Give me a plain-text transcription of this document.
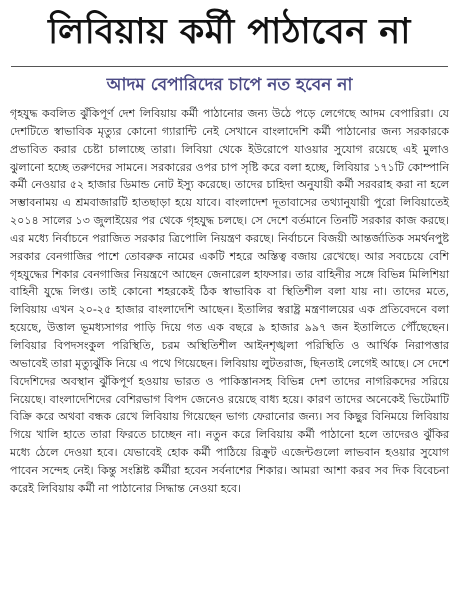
লিবিয়ায় কর্মী পাঠাবেন না
আদম বেপারিদের চাপে নত হবেন না

গৃহযুদ্ধ কবলিত ঝুঁকিপূর্ণ দেশ লিবিয়ায় কর্মী পাঠানোর জন্য উঠে পড়ে লেগেছে আদম বেপারিরা। যে দেশটিতে স্বাভাবিক মৃত্যুর কোনো গ্যারান্টি নেই সেখানে বাংলাদেশি কর্মী পাঠানোর জন্য সরকারকে প্রভাবিত করার চেষ্টা চালাচ্ছে তারা। লিবিয়া থেকে ইউরোপে যাওয়ার সুযোগ রয়েছে এই মুলাও ঝুলানো হচ্ছে তরুণদের সামনে। সরকারের ওপর চাপ সৃষ্টি করে বলা হচ্ছে, লিবিয়ার ১৭১টি কোম্পানি কর্মী নেওয়ার ৫২ হাজার ডিমান্ড নোট ইস্যু করেছে। তাদের চাহিদা অনুযায়ী কর্মী সরবরাহ করা না হলে সম্ভাবনাময় এ শ্রমবাজারটি হাতছাড়া হয়ে যাবে। বাংলাদেশ দূতাবাসের তথ্যানুযায়ী পুরো লিবিয়াতেই ২০১৪ সালের ১৩ জুলাইয়ের পর থেকে গৃহযুদ্ধ চলছে। সে দেশে বর্তমানে তিনটি সরকার কাজ করছে। এর মধ্যে নির্বাচনে পরাজিত সরকার ত্রিপোলি নিয়ন্ত্রণ করছে। নির্বাচনে বিজয়ী আন্তর্জাতিক সমর্থনপুষ্ট সরকার বেনগাজির পাশে তোবরুক নামের একটি শহরে অস্তিত্ব বজায় রেখেছে। আর সবচেয়ে বেশি গৃহযুদ্ধের শিকার বেনগাজির নিয়ন্ত্রণে আছেন জেনারেল হাফসার। তার বাহিনীর সঙ্গে বিভিন্ন মিলিশিয়া বাহিনী যুদ্ধে লিপ্ত। তাই কোনো শহরকেই ঠিক স্বাভাবিক বা স্থিতিশীল বলা যায় না। তাদের মতে, লিবিয়ায় এখন ২০-২৫ হাজার বাংলাদেশি আছেন। ইতালির স্বরাষ্ট্র মন্ত্রণালয়ের এক প্রতিবেদনে বলা হয়েছে, উত্তাল ভূমধ্যসাগর পাড়ি দিয়ে গত এক বছরে ৯ হাজার ৯৯৭ জন ইতালিতে পৌঁছেছেন। লিবিয়ার বিপদসংকুল পরিস্থিতি, চরম অস্থিতিশীল আইনশৃঙ্খলা পরিস্থিতি ও আর্থিক নিরাপত্তার অভাবেই তারা মৃত্যুঝুঁকি নিয়ে এ পথে গিয়েছেন। লিবিয়ায় লুটতরাজ, ছিনতাই লেগেই আছে। সে দেশে বিদেশিদের অবস্থান ঝুঁকিপূর্ণ হওয়ায় ভারত ও পাকিস্তানসহ বিভিন্ন দেশ তাদের নাগরিকদের সরিয়ে নিয়েছে। বাংলাদেশিদের বেশিরভাগ বিপদ জেনেও রয়েছে বাধ্য হয়ে। কারণ তাদের অনেকেই ভিটেমাটি বিক্রি করে অথবা বন্ধক রেখে লিবিয়ায় গিয়েছেন ভাগ্য ফেরানোর জন্য। সব কিছুর বিনিময়ে লিবিয়ায় গিয়ে খালি হাতে তারা ফিরতে চাচ্ছেন না। নতুন করে লিবিয়ায় কর্মী পাঠানো হলে তাদেরও ঝুঁকির মধ্যে ঠেলে দেওয়া হবে। যেভাবেই হোক কর্মী পাঠিয়ে রিক্রুট এজেন্টগুলো লাভবান হওয়ার সুযোগ পাবেন সন্দেহ নেই। কিন্তু সংশ্লিষ্ট কর্মীরা হবেন সর্বনাশের শিকার। আমরা আশা করব সব দিক বিবেচনা করেই লিবিয়ায় কর্মী না পাঠানোর সিদ্ধান্ত নেওয়া হবে।
